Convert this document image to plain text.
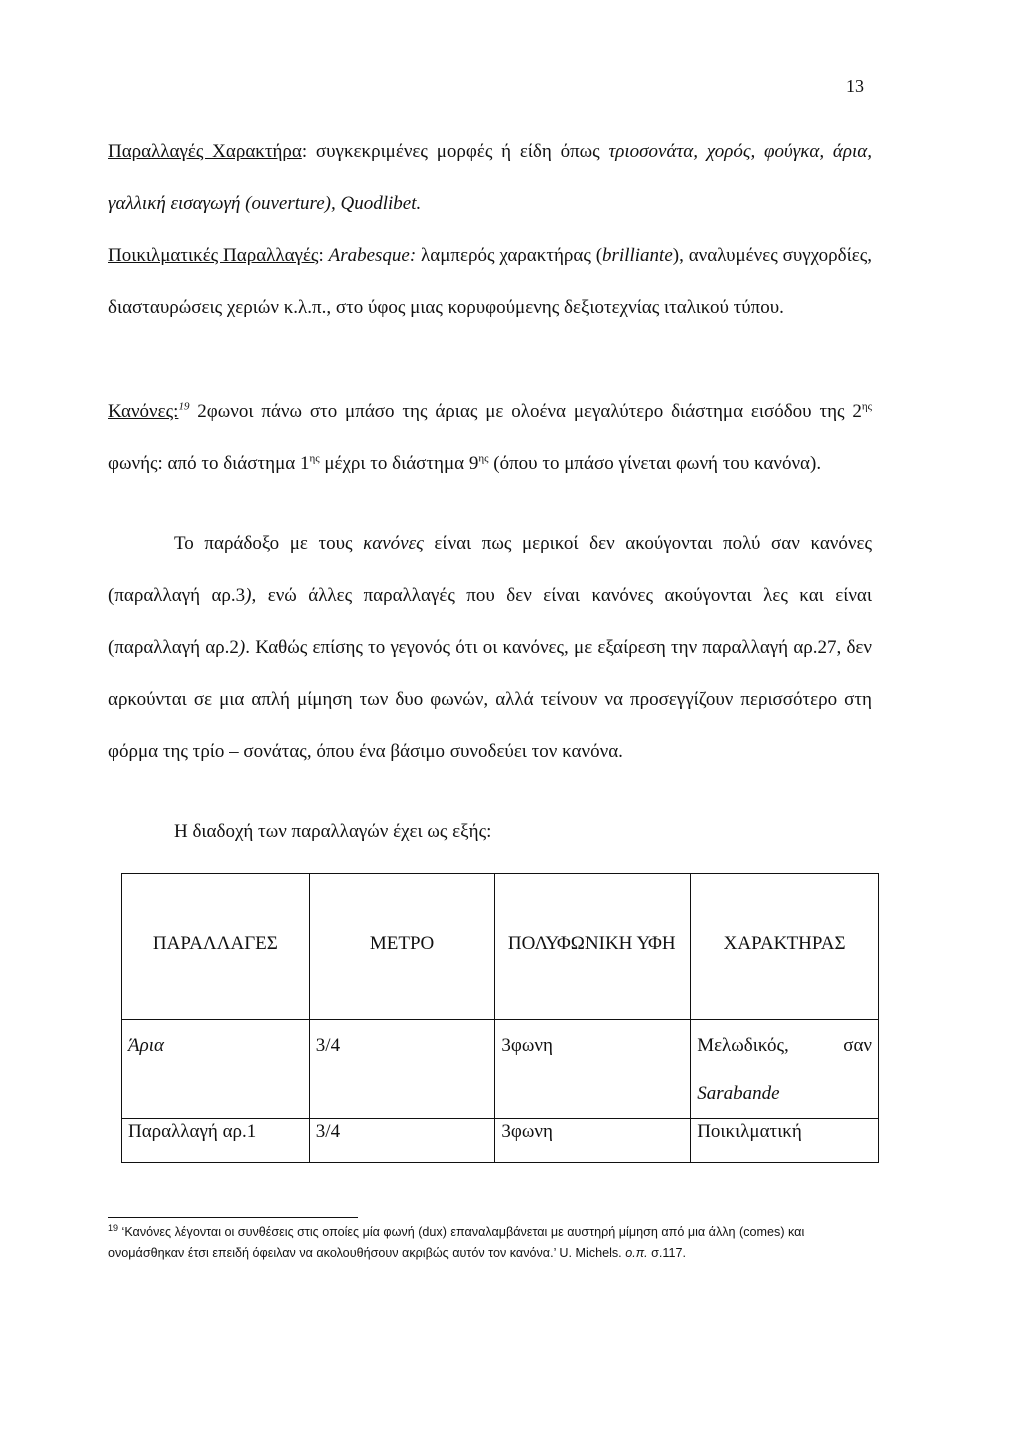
13
Παραλλαγές Χαρακτήρα: συγκεκριμένες μορφές ή είδη όπως τριοσονάτα, χορός, φούγκα, άρια, γαλλική εισαγωγή (ouverture), Quodlibet.
Ποικιλματικές Παραλλαγές: Arabesque: λαμπερός χαρακτήρας (brilliante), αναλυμένες συγχορδίες, διασταυρώσεις χεριών κ.λ.π., στο ύφος μιας κορυφούμενης δεξιοτεχνίας ιταλικού τύπου.
Κανόνες:$^{19}$ 2φωνοι πάνω στο μπάσο της άριας με ολοένα μεγαλύτερο διάστημα εισόδου της $2^{\eta\varsigma}$ φωνής: από το διάστημα $1^{\eta\varsigma}$ μέχρι το διάστημα $9^{\eta\varsigma}$ (όπου το μπάσο γίνεται φωνή του κανόνα).
Το παράδοξο με τους κανόνες είναι πως μερικοί δεν ακούγονται πολύ σαν κανόνες (παραλλαγή αρ.3), ενώ άλλες παραλλαγές που δεν είναι κανόνες ακούγονται λες και είναι (παραλλαγή αρ.2). Καθώς επίσης το γεγονός ότι οι κανόνες, με εξαίρεση την παραλλαγή αρ.27, δεν αρκούνται σε μια απλή μίμηση των δυο φωνών, αλλά τείνουν να προσεγγίζουν περισσότερο στη φόρμα της τρίο – σονάτας, όπου ένα βάσιμο συνοδεύει τον κανόνα.
Η διαδοχή των παραλλαγών έχει ως εξής:
ΠΑΡΑΛΛΑΓΕΣ	ΜΕΤΡΟ	ΠΟΛΥΦΩΝΙΚΗ ΥΦΗ	ΧΑΡΑΚΤΗΡΑΣ
Άρια	3/4	3φωνη	Μελωδικός, σαν
Sarabande

Παραλλαγή αρ.1	3/4	3φωνη	Ποικιλματική
$^{19}$ ‘Κανόνες λέγονται οι συνθέσεις στις οποίες μία φωνή (dux) επαναλαμβάνεται με αυστηρή μίμηση από μια άλλη (comes) και ονομάσθηκαν έτσι επειδή όφειλαν να ακολουθήσουν ακριβώς αυτόν τον κανόνα.’ U. Michels. ο.π. σ.117.
